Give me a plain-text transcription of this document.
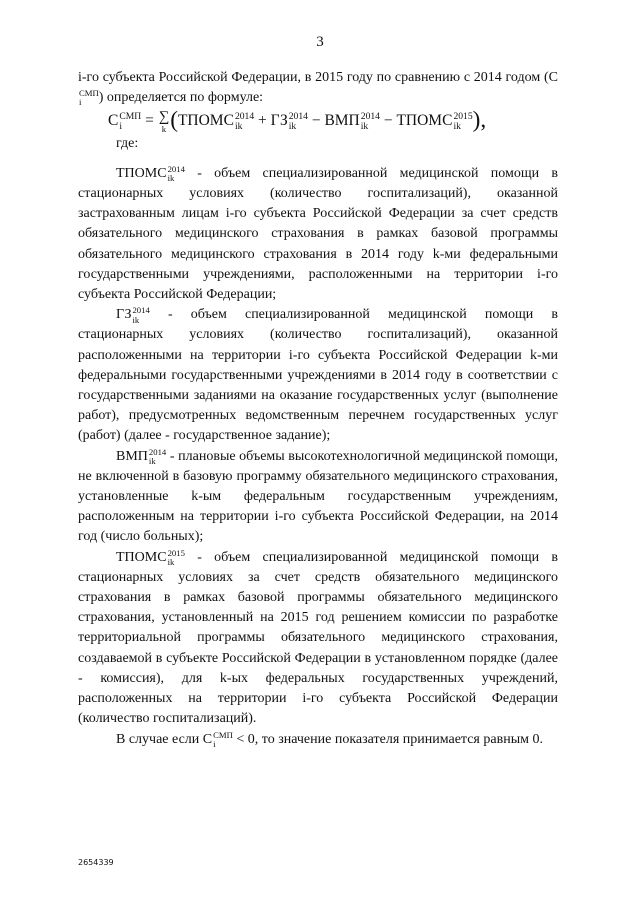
3

i-го субъекта Российской Федерации, в 2015 году по сравнению с 2014 годом (C
СМП
i	) определяется по формуле:

C СМП
i	= ∑
k (ТПОМС 2014
ik + ГЗ 2014
ik − ВМП 2014
ik − ТПОМС 2015
ik ),

где:

ТПОМС 2014
ik - объем специализированной медицинской помощи в стационарных условиях (количество госпитализаций), оказанной застрахованным лицам i-го субъекта Российской Федерации за счет средств обязательного медицинского страхования в рамках базовой программы обязательного медицинского страхования в 2014 году k-ми федеральными государственными учреждениями, расположенными на территории i-го субъекта Российской Федерации;

ГЗ 2014
ik - объем специализированной медицинской помощи в стационарных условиях (количество госпитализаций), оказанной расположенными на территории i-го субъекта Российской Федерации k-ми федеральными государственными учреждениями в 2014 году в соответствии с государственными заданиями на оказание государственных услуг (выполнение работ), предусмотренных ведомственным перечнем государственных услуг (работ) (далее - государственное задание);

ВМП 2014
ik - плановые объемы высокотехнологичной медицинской помощи, не включенной в базовую программу обязательного медицинского страхования, установленные k-ым федеральным государственным учреждениям, расположенным на территории i-го субъекта Российской Федерации, на 2014 год (число больных);

ТПОМС 2015
ik - объем специализированной медицинской помощи в стационарных условиях за счет средств обязательного медицинского страхования в рамках базовой программы обязательного медицинского страхования, установленный на 2015 год решением комиссии по разработке территориальной программы обязательного медицинского страхования, создаваемой в субъекте Российской Федерации в установленном порядке (далее - комиссия), для k-ых федеральных государственных учреждений, расположенных на территории i-го субъекта Российской Федерации (количество госпитализаций).

В случае если C СМП
i	< 0, то значение показателя принимается равным 0.

2654339
